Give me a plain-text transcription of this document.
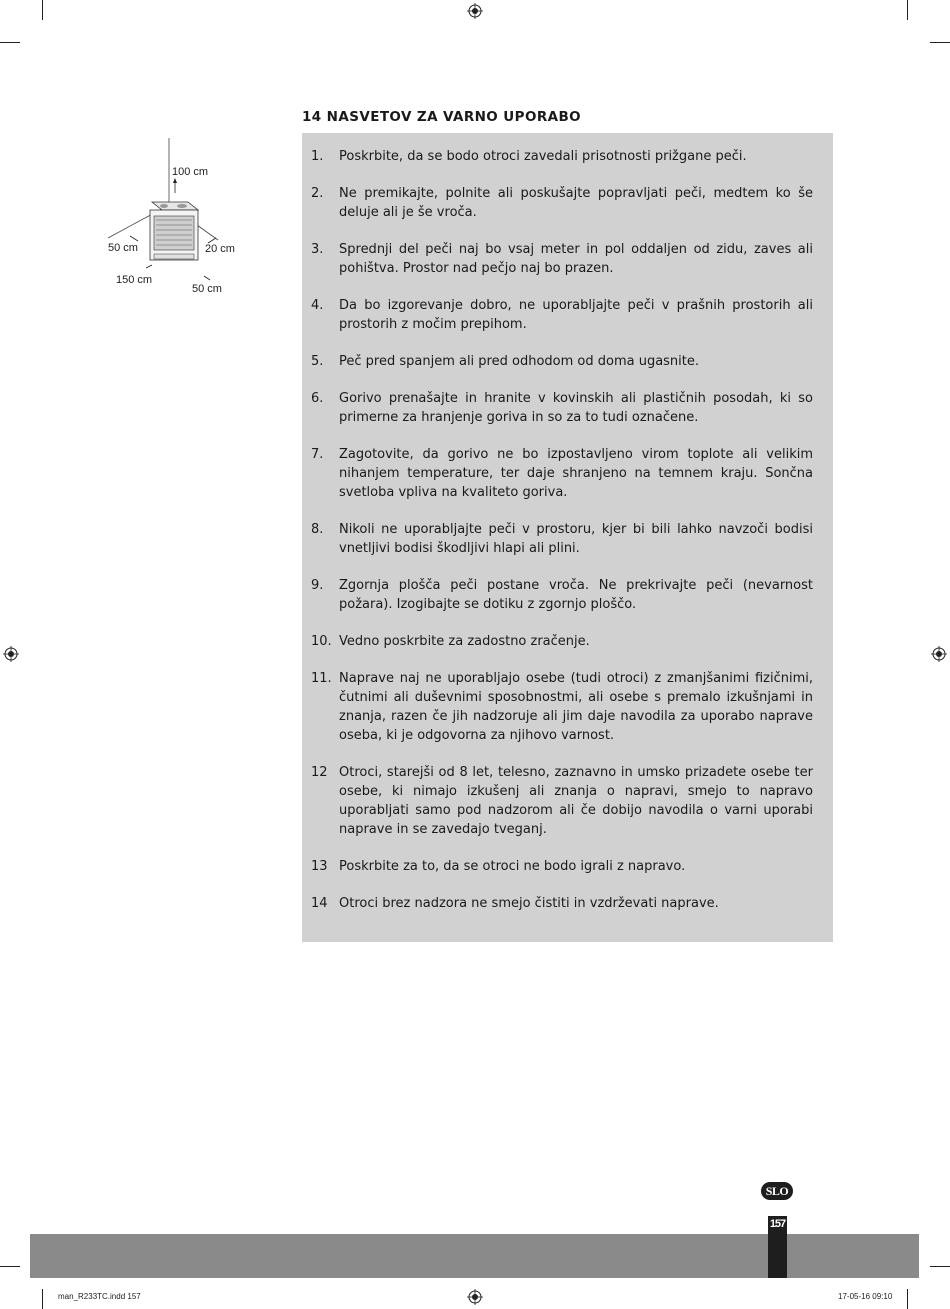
100 cm
50 cm	20 cm
150 cm
50 cm
14 NASVETOV ZA VARNO UPORABO
1.	Poskrbite, da se bodo otroci zavedali prisotnosti prižgane peči.
2.	Ne premikajte, polnite ali poskušajte popravljati peči, medtem ko še deluje ali je še vroča.
3.	Sprednji del peči naj bo vsaj meter in pol oddaljen od zidu, zaves ali pohištva. Prostor nad pečjo naj bo prazen.
4.	Da bo izgorevanje dobro, ne uporabljajte peči v prašnih prostorih ali prostorih z močim prepihom.
5.	Peč pred spanjem ali pred odhodom od doma ugasnite.
6.	Gorivo prenašajte in hranite v kovinskih ali plastičnih posodah, ki so primerne za hranjenje goriva in so za to tudi označene.
7.	Zagotovite, da gorivo ne bo izpostavljeno virom toplote ali velikim nihanjem temperature, ter daje shranjeno na temnem kraju. Sončna svetloba vpliva na kvaliteto goriva.
8.	Nikoli ne uporabljajte peči v prostoru, kjer bi bili lahko navzoči bodisi vnetljivi bodisi škodljivi hlapi ali plini.
9.	Zgornja plošča peči postane vroča. Ne prekrivajte peči (nevarnost požara). Izogibajte se dotiku z zgornjo ploščo.
10. Vedno poskrbite za zadostno zračenje.
11. Naprave naj ne uporabljajo osebe (tudi otroci) z zmanjšanimi fizičnimi, čutnimi ali duševnimi sposobnostmi, ali osebe s premalo izkušnjami in znanja, razen če jih nadzoruje ali jim daje navodila za uporabo naprave oseba, ki je odgovorna za njihovo varnost.
12 Otroci, starejši od 8 let, telesno, zaznavno in umsko prizadete osebe ter osebe, ki nimajo izkušenj ali znanja o napravi, smejo to napravo uporabljati samo pod nadzorom ali če dobijo navodila o varni uporabi naprave in se zavedajo tveganj.
13 Poskrbite za to, da se otroci ne bodo igrali z napravo.
14 Otroci brez nadzora ne smejo čistiti in vzdrževati naprave.
SLO
157
man_R233TC.indd 157	17-05-16 09:10
